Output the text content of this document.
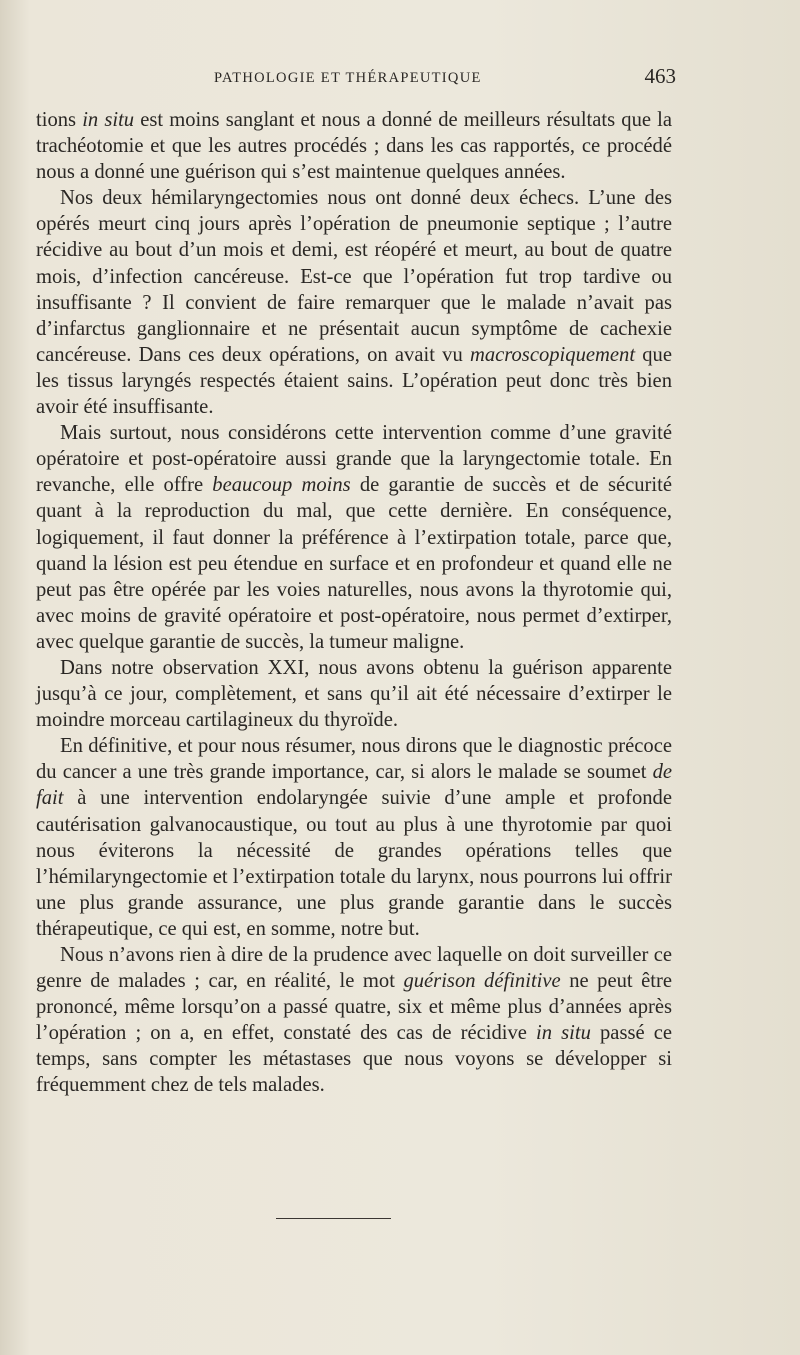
PATHOLOGIE ET THÉRAPEUTIQUE	463

tions in situ est moins sanglant et nous a donné de meilleurs résultats que la trachéotomie et que les autres procédés ; dans les cas rapportés, ce procédé nous a donné une guérison qui s’est maintenue quelques années.

Nos deux hémilaryngectomies nous ont donné deux échecs. L’une des opérés meurt cinq jours après l’opération de pneumonie septique ; l’autre récidive au bout d’un mois et demi, est réopéré et meurt, au bout de quatre mois, d’infection cancéreuse. Est-ce que l’opération fut trop tardive ou insuffisante ? Il convient de faire remarquer que le malade n’avait pas d’infarctus ganglionnaire et ne présentait aucun symptôme de cachexie cancéreuse. Dans ces deux opérations, on avait vu macroscopiquement que les tissus laryngés respectés étaient sains. L’opération peut donc très bien avoir été insuffisante.

Mais surtout, nous considérons cette intervention comme d’une gravité opératoire et post-opératoire aussi grande que la laryngectomie totale. En revanche, elle offre beaucoup moins de garantie de succès et de sécurité quant à la reproduction du mal, que cette dernière. En conséquence, logiquement, il faut donner la préférence à l’extirpation totale, parce que, quand la lésion est peu étendue en surface et en profondeur et quand elle ne peut pas être opérée par les voies naturelles, nous avons la thyrotomie qui, avec moins de gravité opératoire et post-opératoire, nous permet d’extirper, avec quelque garantie de succès, la tumeur maligne.

Dans notre observation XXI, nous avons obtenu la guérison apparente jusqu’à ce jour, complètement, et sans qu’il ait été nécessaire d’extirper le moindre morceau cartilagineux du thyroïde.

En définitive, et pour nous résumer, nous dirons que le diagnostic précoce du cancer a une très grande importance, car, si alors le malade se soumet de fait à une intervention endolaryngée suivie d’une ample et profonde cautérisation galvanocaustique, ou tout au plus à une thyrotomie par quoi nous éviterons la nécessité de grandes opérations telles que l’hémilaryngectomie et l’extirpation totale du larynx, nous pourrons lui offrir une plus grande assurance, une plus grande garantie dans le succès thérapeutique, ce qui est, en somme, notre but.

Nous n’avons rien à dire de la prudence avec laquelle on doit surveiller ce genre de malades ; car, en réalité, le mot guérison définitive ne peut être prononcé, même lorsqu’on a passé quatre, six et même plus d’années après l’opération ; on a, en effet, constaté des cas de récidive in situ passé ce temps, sans compter les métastases que nous voyons se développer si fréquemment chez de tels malades.
